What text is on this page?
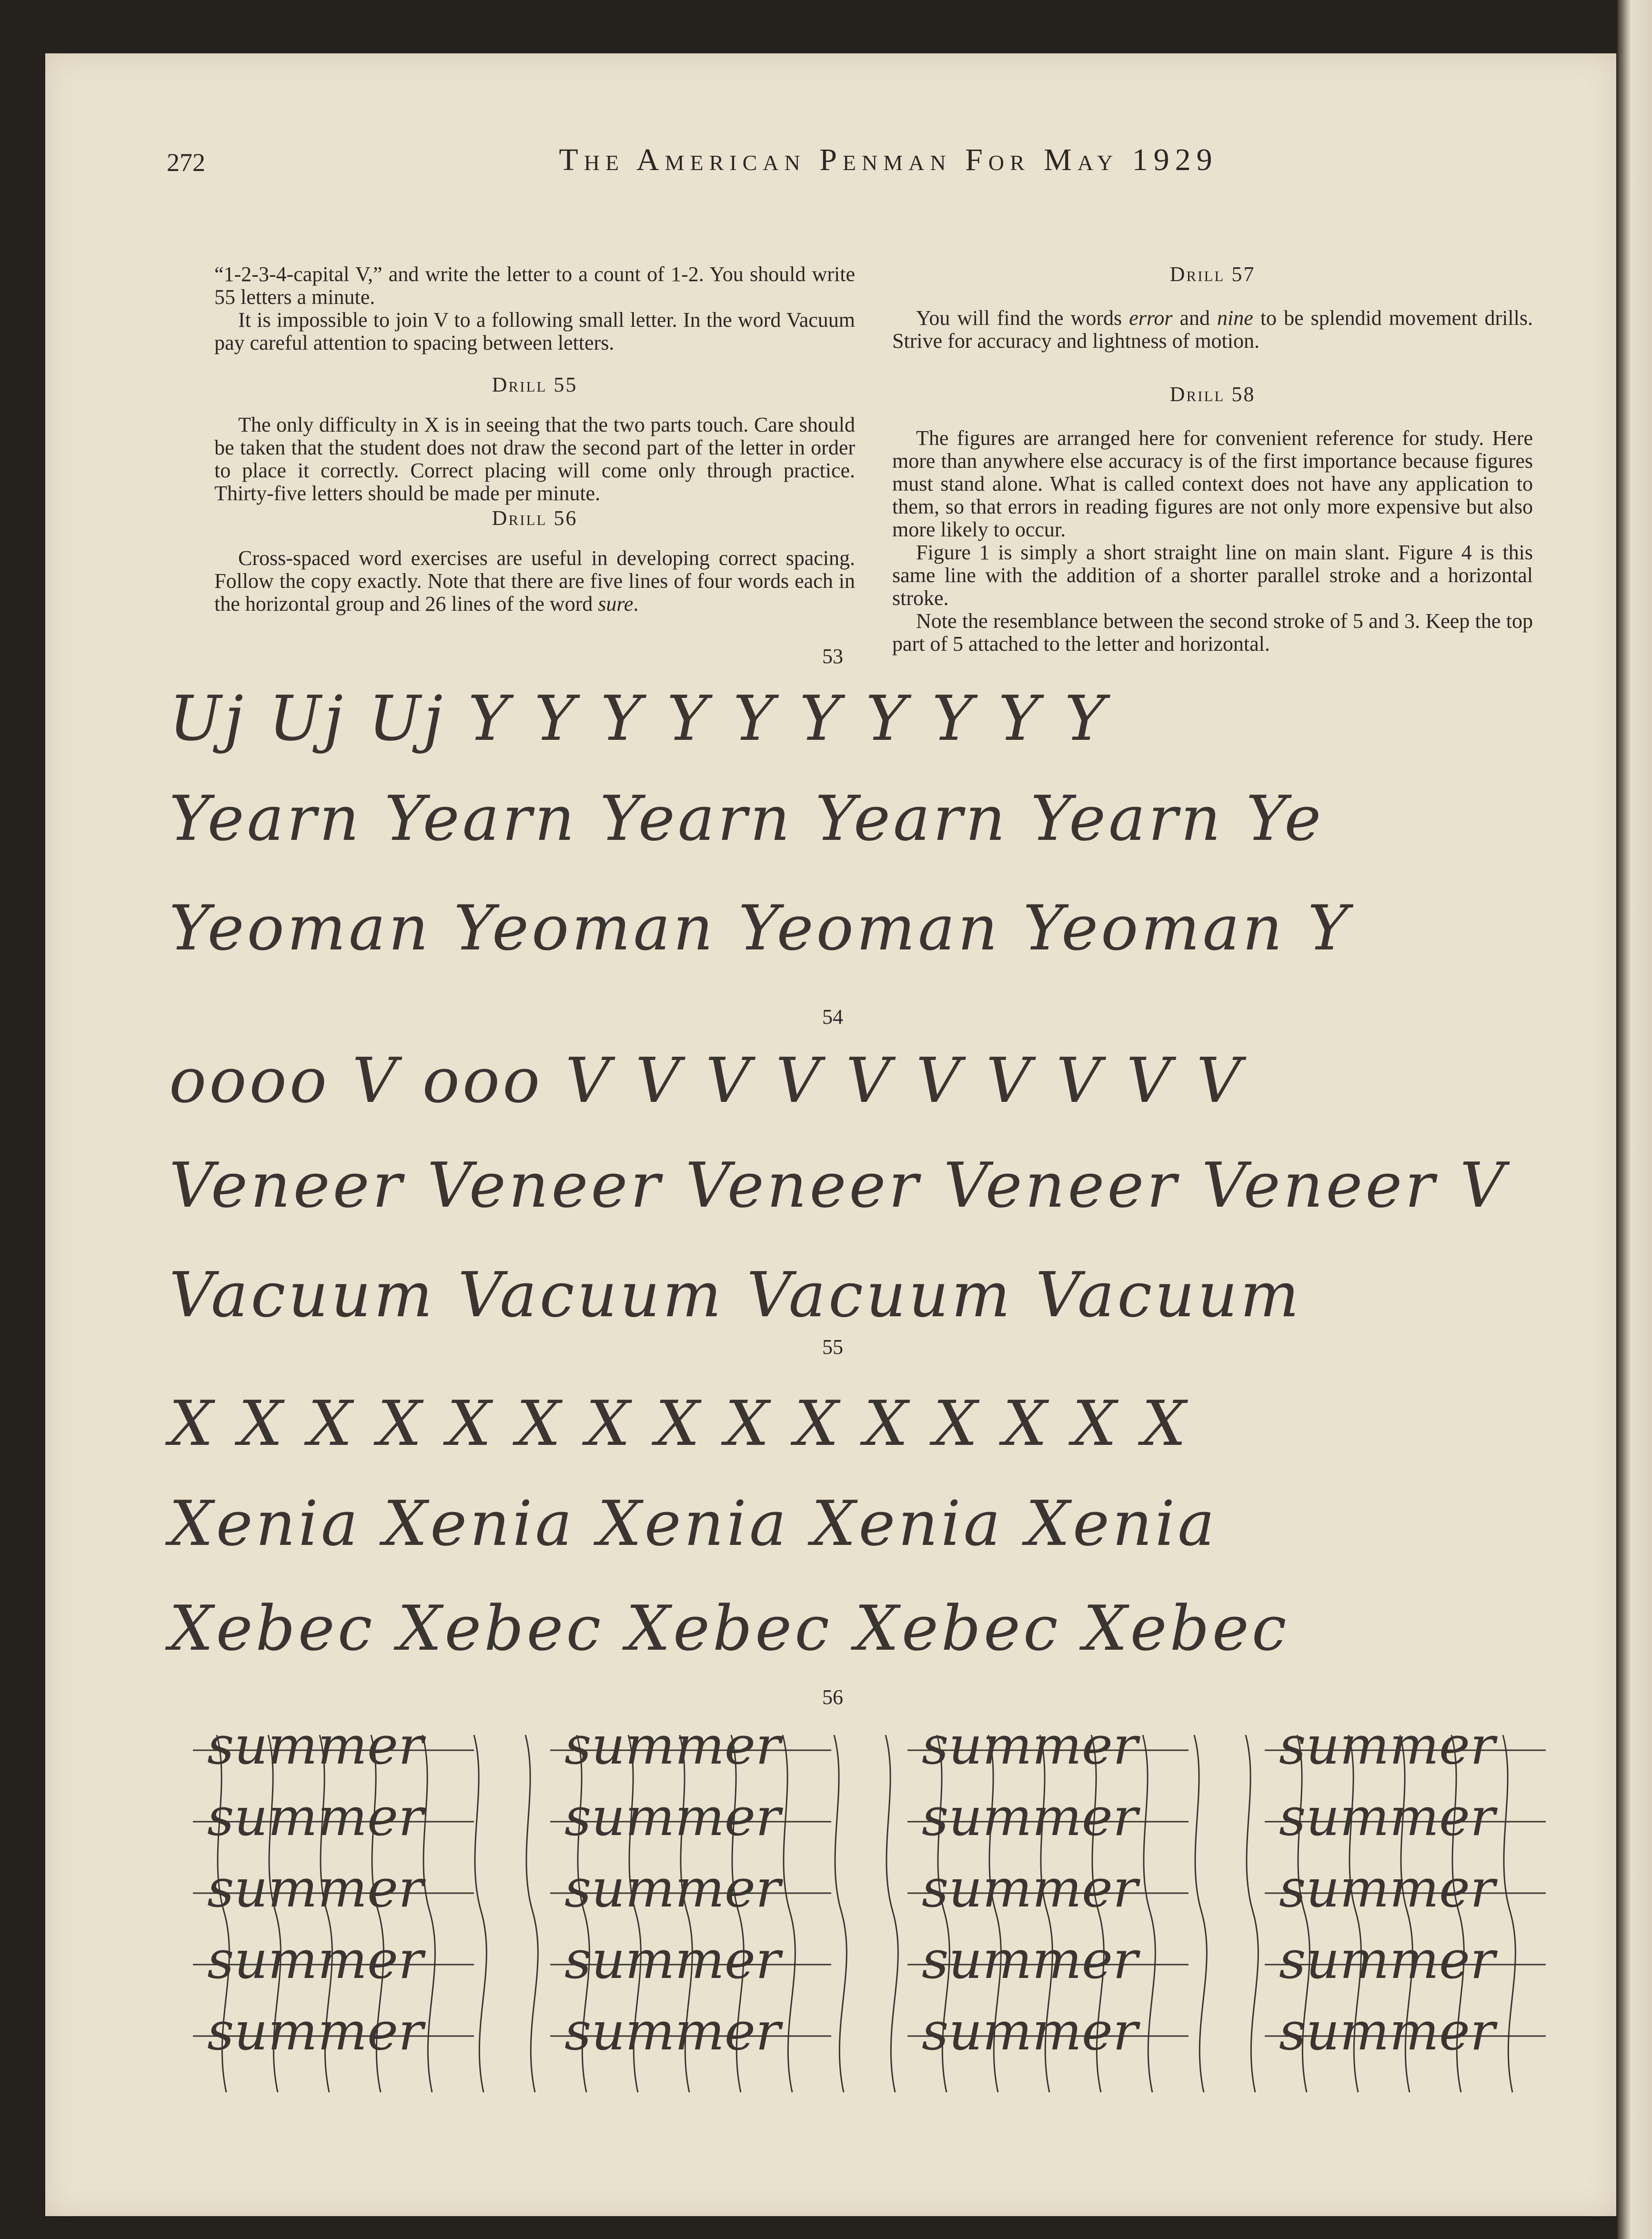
272	The American Penman For May 1929

“1-2-3-4-capital V,” and write the letter to a count of 1-2. You should write 55 letters a minute.

It is impossible to join V to a following small letter. In the word Vacuum pay careful attention to spacing between letters.

Drill 55

The only difficulty in X is in seeing that the two parts touch. Care should be taken that the student does not draw the second part of the letter in order to place it correctly. Correct placing will come only through practice. Thirty-five letters should be made per minute.

Drill 56

Cross-spaced word exercises are useful in developing correct spacing. Follow the copy exactly. Note that there are five lines of four words each in the horizontal group and 26 lines of the word sure.

Drill 57

You will find the words error and nine to be splendid movement drills. Strive for accuracy and lightness of motion.

Drill 58

The figures are arranged here for convenient reference for study. Here more than anywhere else accuracy is of the first importance because figures must stand alone. What is called context does not have any application to them, so that errors in reading figures are not only more expensive but also more likely to occur.

Figure 1 is simply a short straight line on main slant. Figure 4 is this same line with the addition of a shorter parallel stroke and a horizontal stroke.

Note the resemblance between the second stroke of 5 and 3. Keep the top part of 5 attached to the letter and horizontal.

53
54
55
56
Uj Uj Uj Y Y Y Y Y Y Y Y Y Y
Yearn Yearn Yearn Yearn Yearn Ye
Yeoman Yeoman Yeoman Yeoman Y
oooo V ooo V V V V V V V V V V
Veneer Veneer Veneer Veneer Veneer V
Vacuum Vacuum Vacuum Vacuum
X X X X X X X X X X X X X X X
Xenia Xenia Xenia Xenia Xenia
Xebec Xebec Xebec Xebec Xebec
summer	summer	summer	summer
summer	summer	summer	summer
summer	summer	summer	summer
summer	summer	summer	summer
summer	summer	summer	summer
